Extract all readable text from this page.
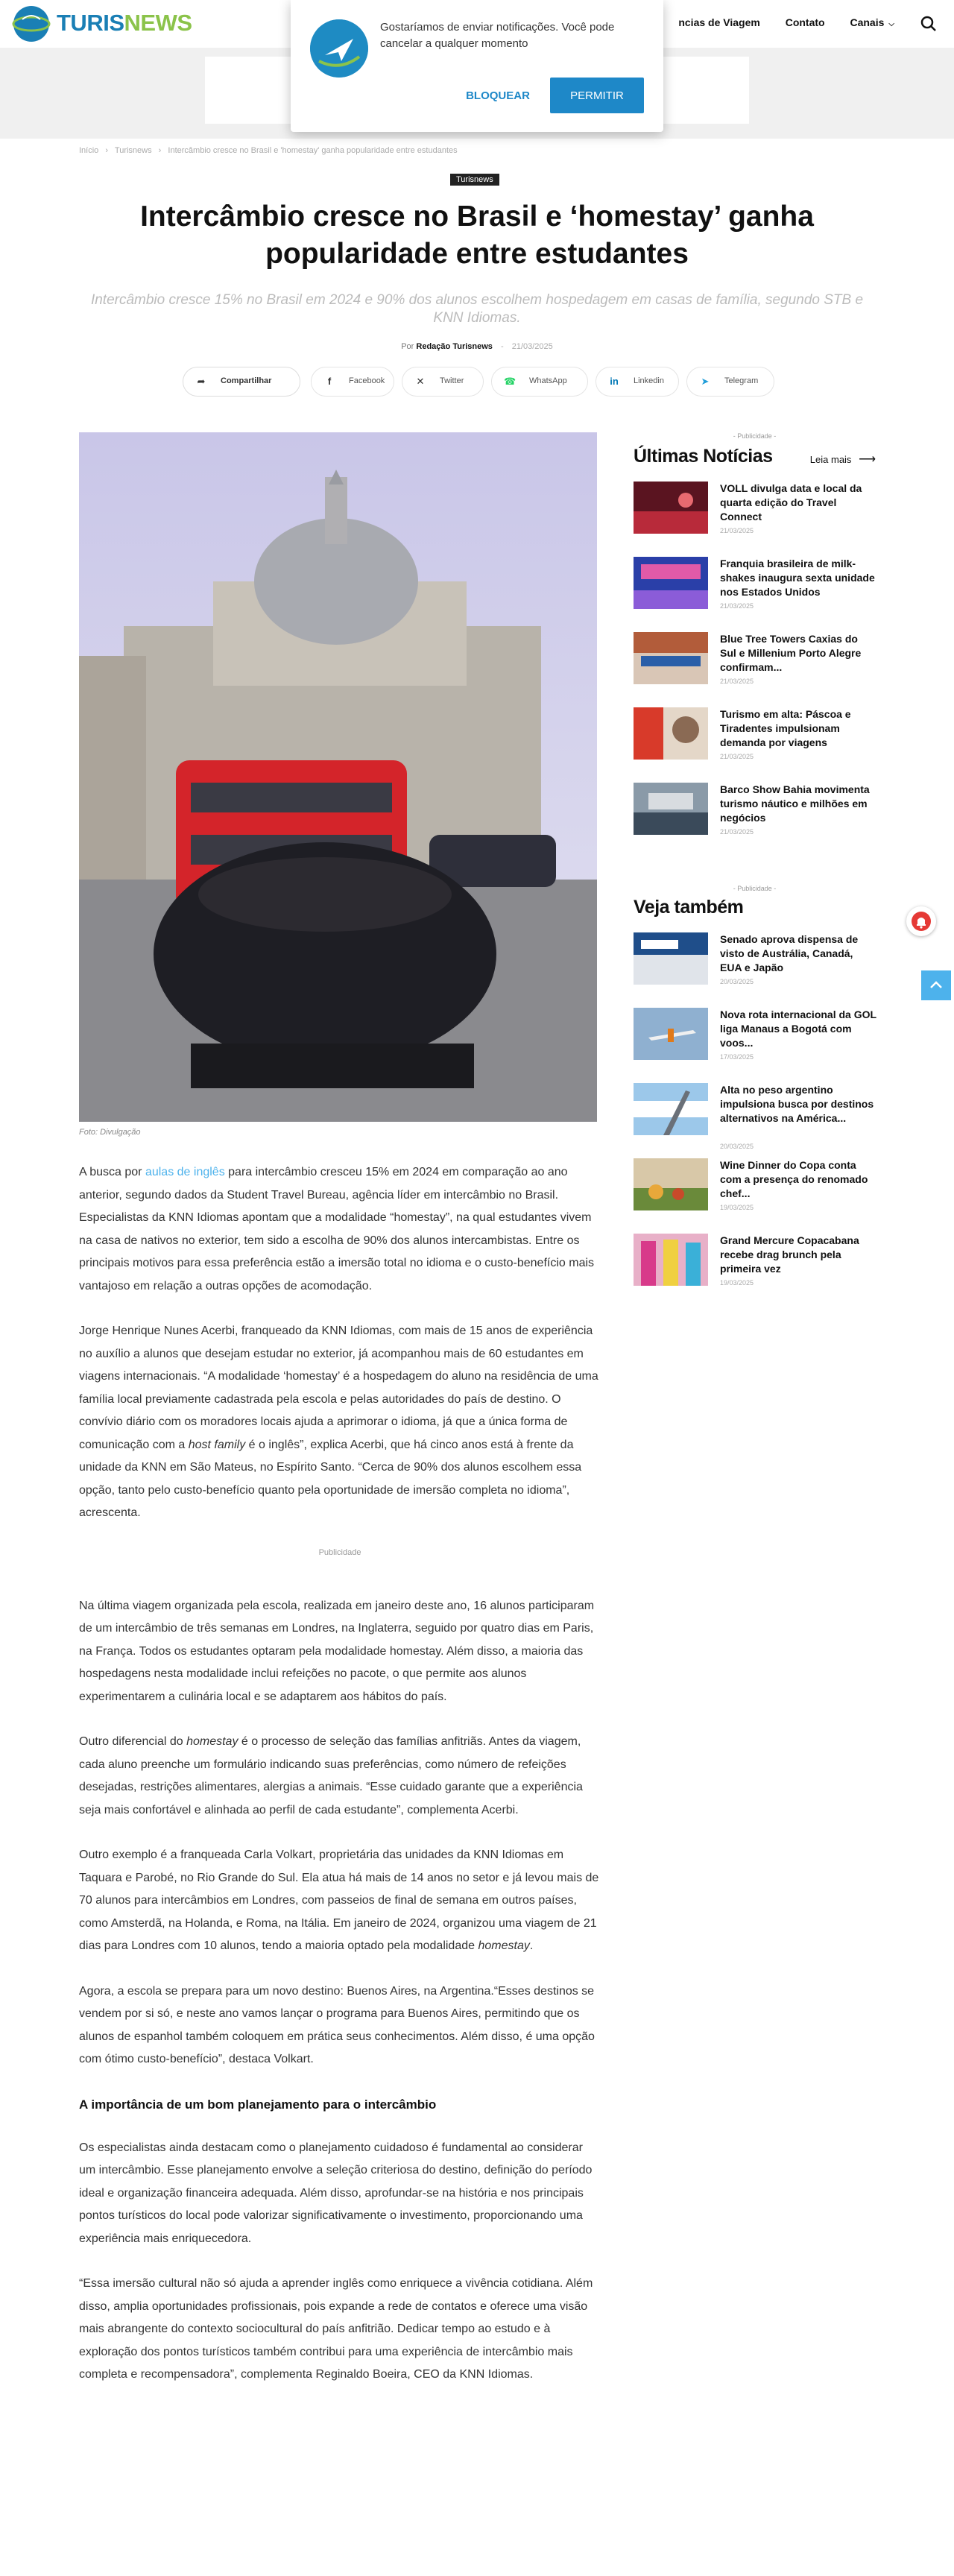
TURISNEWS	ncias de Viagem Contato Canais ⌵
Gostaríamos de enviar notificações. Você pode cancelar a qualquer momento
BLOQUEAR	PERMITIR
Início › Turisnews › Intercâmbio cresce no Brasil e 'homestay' ganha popularidade entre estudantes
Turisnews
Intercâmbio cresce no Brasil e ‘homestay’ ganha popularidade entre estudantes
Intercâmbio cresce 15% no Brasil em 2024 e 90% dos alunos escolhem hospedagem em casas de família, segundo STB e KNN Idiomas.
Por Redação Turisnews - 21/03/2025
➦ Compartilhar	f	Facebook	✕ Twitter	☎ WhatsApp	in Linkedin	➤ Telegram
Foto: Divulgação

A busca por aulas de inglês para intercâmbio cresceu 15% em 2024 em comparação ao ano anterior, segundo dados da Student Travel Bureau, agência líder em intercâmbio no Brasil. Especialistas da KNN Idiomas apontam que a modalidade “homestay”, na qual estudantes vivem na casa de nativos no exterior, tem sido a escolha de 90% dos alunos intercambistas. Entre os principais motivos para essa preferência estão a imersão total no idioma e o custo-benefício mais vantajoso em relação a outras opções de acomodação.

Jorge Henrique Nunes Acerbi, franqueado da KNN Idiomas, com mais de 15 anos de experiência no auxílio a alunos que desejam estudar no exterior, já acompanhou mais de 60 estudantes em viagens internacionais. “A modalidade ‘homestay’ é a hospedagem do aluno na residência de uma família local previamente cadastrada pela escola e pelas autoridades do país de destino. O convívio diário com os moradores locais ajuda a aprimorar o idioma, já que a única forma de comunicação com a host family é o inglês”, explica Acerbi, que há cinco anos está à frente da unidade da KNN em São Mateus, no Espírito Santo. “Cerca de 90% dos alunos escolhem essa opção, tanto pelo custo-benefício quanto pela oportunidade de imersão completa no idioma”, acrescenta.

Publicidade

Na última viagem organizada pela escola, realizada em janeiro deste ano, 16 alunos participaram de um intercâmbio de três semanas em Londres, na Inglaterra, seguido por quatro dias em Paris, na França. Todos os estudantes optaram pela modalidade homestay. Além disso, a maioria das hospedagens nesta modalidade inclui refeições no pacote, o que permite aos alunos experimentarem a culinária local e se adaptarem aos hábitos do país.

Outro diferencial do homestay é o processo de seleção das famílias anfitriãs. Antes da viagem, cada aluno preenche um formulário indicando suas preferências, como número de refeições desejadas, restrições alimentares, alergias a animais. “Esse cuidado garante que a experiência seja mais confortável e alinhada ao perfil de cada estudante”, complementa Acerbi.

Outro exemplo é a franqueada Carla Volkart, proprietária das unidades da KNN Idiomas em Taquara e Parobé, no Rio Grande do Sul. Ela atua há mais de 14 anos no setor e já levou mais de 70 alunos para intercâmbios em Londres, com passeios de final de semana em outros países, como Amsterdã, na Holanda, e Roma, na Itália. Em janeiro de 2024, organizou uma viagem de 21 dias para Londres com 10 alunos, tendo a maioria optado pela modalidade homestay.

Agora, a escola se prepara para um novo destino: Buenos Aires, na Argentina.“Esses destinos se vendem por si só, e neste ano vamos lançar o programa para Buenos Aires, permitindo que os alunos de espanhol também coloquem em prática seus conhecimentos. Além disso, é uma opção com ótimo custo-benefício”, destaca Volkart.

A importância de um bom planejamento para o intercâmbio

Os especialistas ainda destacam como o planejamento cuidadoso é fundamental ao considerar um intercâmbio. Esse planejamento envolve a seleção criteriosa do destino, definição do período ideal e organização financeira adequada. Além disso, aprofundar-se na história e nos principais pontos turísticos do local pode valorizar significativamente o investimento, proporcionando uma experiência mais enriquecedora.

“Essa imersão cultural não só ajuda a aprender inglês como enriquece a vivência cotidiana. Além disso, amplia oportunidades profissionais, pois expande a rede de contatos e oferece uma visão mais abrangente do contexto sociocultural do país anfitrião. Dedicar tempo ao estudo e à exploração dos pontos turísticos também contribui para uma experiência de intercâmbio mais completa e recompensadora”, complementa Reginaldo Boeira, CEO da KNN Idiomas.

- Publicidade -
Últimas Notícias	Leia mais ⟶
VOLL divulga data e local da quarta edição do Travel Connect
21/03/2025
Franquia brasileira de milk-shakes inaugura sexta unidade nos Estados Unidos
21/03/2025
Blue Tree Towers Caxias do Sul e Millenium Porto Alegre confirmam...
21/03/2025
Turismo em alta: Páscoa e Tiradentes impulsionam demanda por viagens
21/03/2025
Barco Show Bahia movimenta turismo náutico e milhões em negócios
21/03/2025
- Publicidade -
Veja também
Senado aprova dispensa de visto de Austrália, Canadá, EUA e Japão
20/03/2025
Nova rota internacional da GOL liga Manaus a Bogotá com voos...
17/03/2025
Alta no peso argentino impulsiona busca por destinos alternativos na América...
20/03/2025
Wine Dinner do Copa conta com a presença do renomado chef...
19/03/2025
Grand Mercure Copacabana recebe drag brunch pela primeira vez
19/03/2025
